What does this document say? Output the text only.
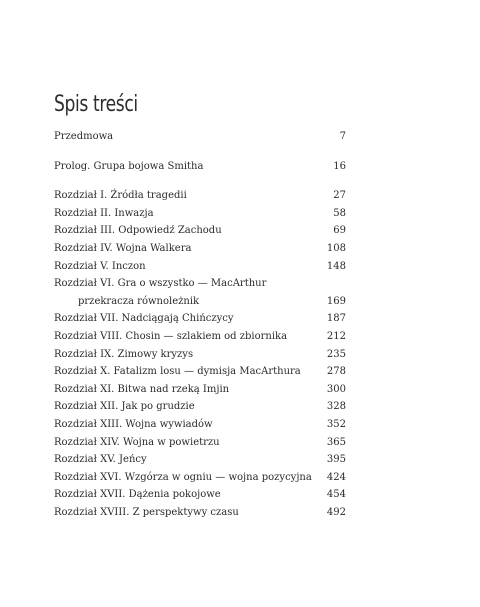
Spis treści
Przedmowa	7
Prolog. Grupa bojowa Smitha	16
Rozdział I. Źródła tragedii	27
Rozdział II. Inwazja	58
Rozdział III. Odpowiedź Zachodu	69
Rozdział IV. Wojna Walkera	108
Rozdział V. Inczon	148
Rozdział VI. Gra o wszystko — MacArthur
przekracza równoleżnik	169
Rozdział VII. Nadciągają Chińczycy	187
Rozdział VIII. Chosin — szlakiem od zbiornika	212
Rozdział IX. Zimowy kryzys	235
Rozdział X. Fatalizm losu — dymisja MacArthura	278
Rozdział XI. Bitwa nad rzeką Imjin	300
Rozdział XII. Jak po grudzie	328
Rozdział XIII. Wojna wywiadów	352
Rozdział XIV. Wojna w powietrzu	365
Rozdział XV. Jeńcy	395
Rozdział XVI. Wzgórza w ogniu — wojna pozycyjna	424
Rozdział XVII. Dążenia pokojowe	454
Rozdział XVIII. Z perspektywy czasu	492
